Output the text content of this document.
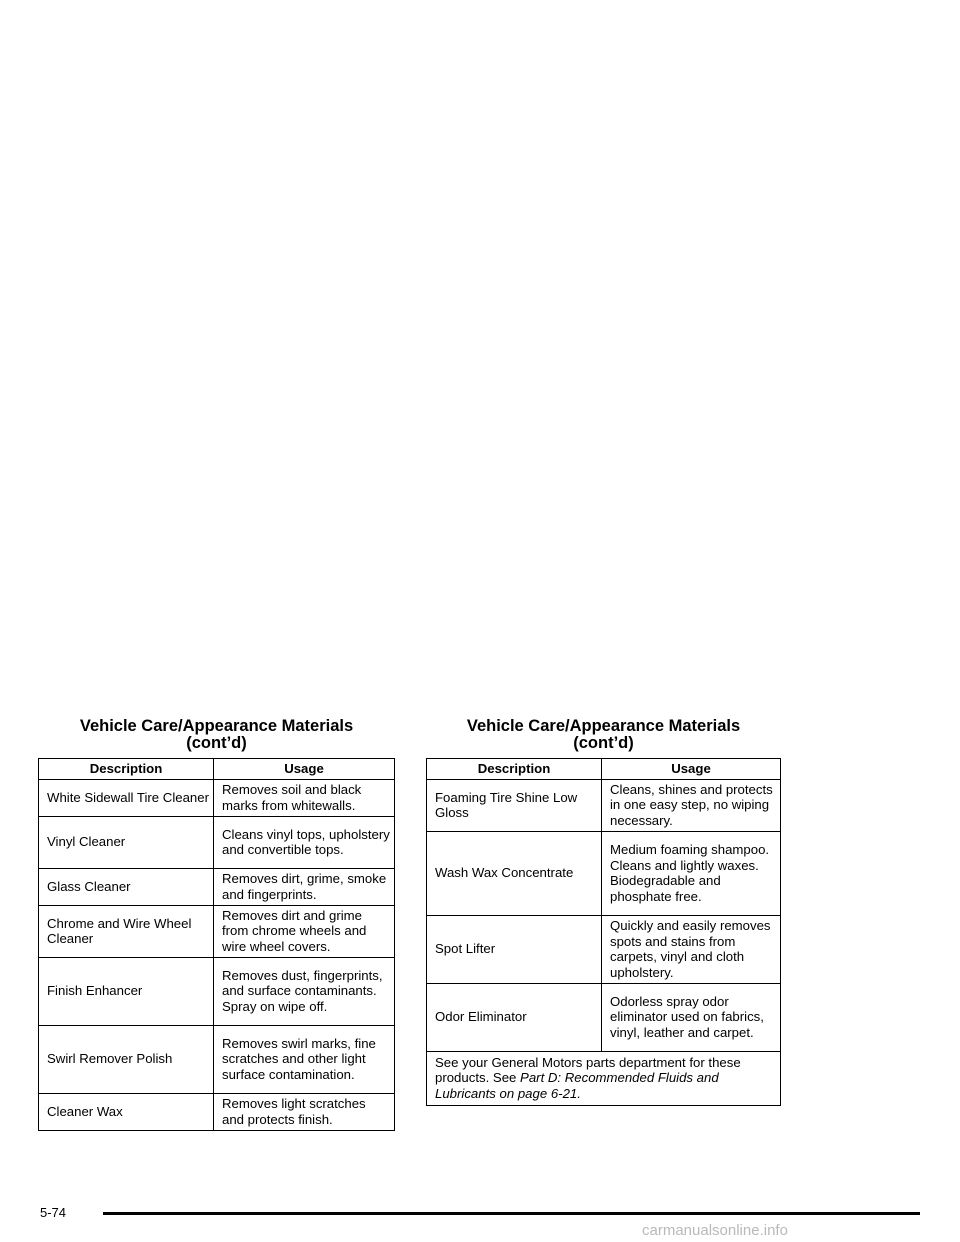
Vehicle Care/Appearance Materials
(cont’d)
Description	Usage
White Sidewall Tire Cleaner	Removes soil and black marks from whitewalls.
Vinyl Cleaner	Cleans vinyl tops, upholstery and convertible tops.
Glass Cleaner	Removes dirt, grime, smoke and fingerprints.
Chrome and Wire Wheel Cleaner	Removes dirt and grime from chrome wheels and wire wheel covers.
Finish Enhancer	Removes dust, fingerprints, and surface contaminants. Spray on wipe off.
Swirl Remover Polish	Removes swirl marks, fine scratches and other light surface contamination.
Cleaner Wax	Removes light scratches and protects finish.
Vehicle Care/Appearance Materials
(cont’d)
Description	Usage
Foaming Tire Shine Low Gloss	Cleans, shines and protects in one easy step, no wiping necessary.
Wash Wax Concentrate	Medium foaming shampoo. Cleans and lightly waxes. Biodegradable and phosphate free.
Spot Lifter	Quickly and easily removes spots and stains from carpets, vinyl and cloth upholstery.
Odor Eliminator	Odorless spray odor eliminator used on fabrics, vinyl, leather and carpet.
See your General Motors parts department for these products. See Part D: Recommended Fluids and Lubricants on page 6-21.	
5-74
carmanualsonline.info
